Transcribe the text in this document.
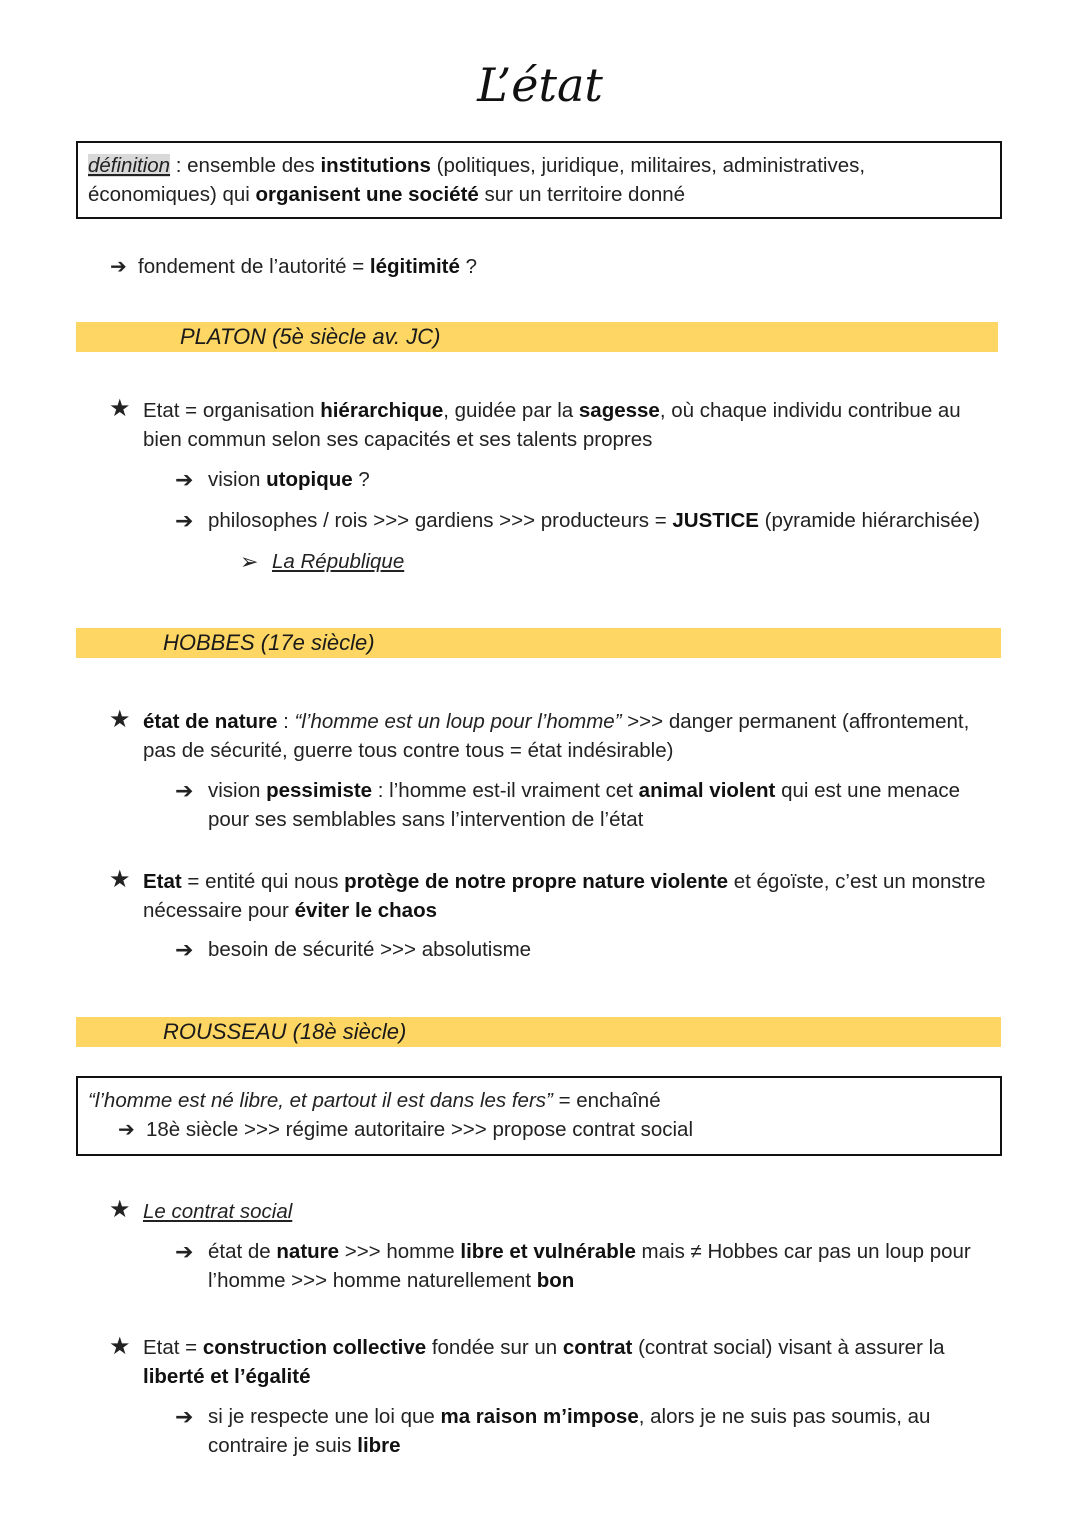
L’état
définition : ensemble des institutions (politiques, juridique, militaires, administratives,
économiques) qui organisent une société sur un territoire donné
➔ fondement de l’autorité = légitimité ?
PLATON (5è siècle av. JC)
★ Etat = organisation hiérarchique, guidée par la sagesse, où chaque individu contribue au
bien commun selon ses capacités et ses talents propres
➔ vision utopique ?
➔ philosophes / rois >>> gardiens >>> producteurs = JUSTICE (pyramide hiérarchisée)
➢ La République
HOBBES (17e siècle)
★ état de nature : “l’homme est un loup pour l’homme” >>> danger permanent (affrontement,
pas de sécurité, guerre tous contre tous = état indésirable)
➔ vision pessimiste : l’homme est-il vraiment cet animal violent qui est une menace
pour ses semblables sans l’intervention de l’état
★ Etat = entité qui nous protège de notre propre nature violente et égoïste, c’est un monstre
nécessaire pour éviter le chaos
➔ besoin de sécurité >>> absolutisme
ROUSSEAU (18è siècle)
“l’homme est né libre, et partout il est dans les fers” = enchaîné
➔ 18è siècle >>> régime autoritaire >>> propose contrat social
★ Le contrat social
➔ état de nature >>> homme libre et vulnérable mais ≠ Hobbes car pas un loup pour
l’homme >>> homme naturellement bon
★ Etat = construction collective fondée sur un contrat (contrat social) visant à assurer la
liberté et l’égalité
➔ si je respecte une loi que ma raison m’impose, alors je ne suis pas soumis, au
contraire je suis libre
